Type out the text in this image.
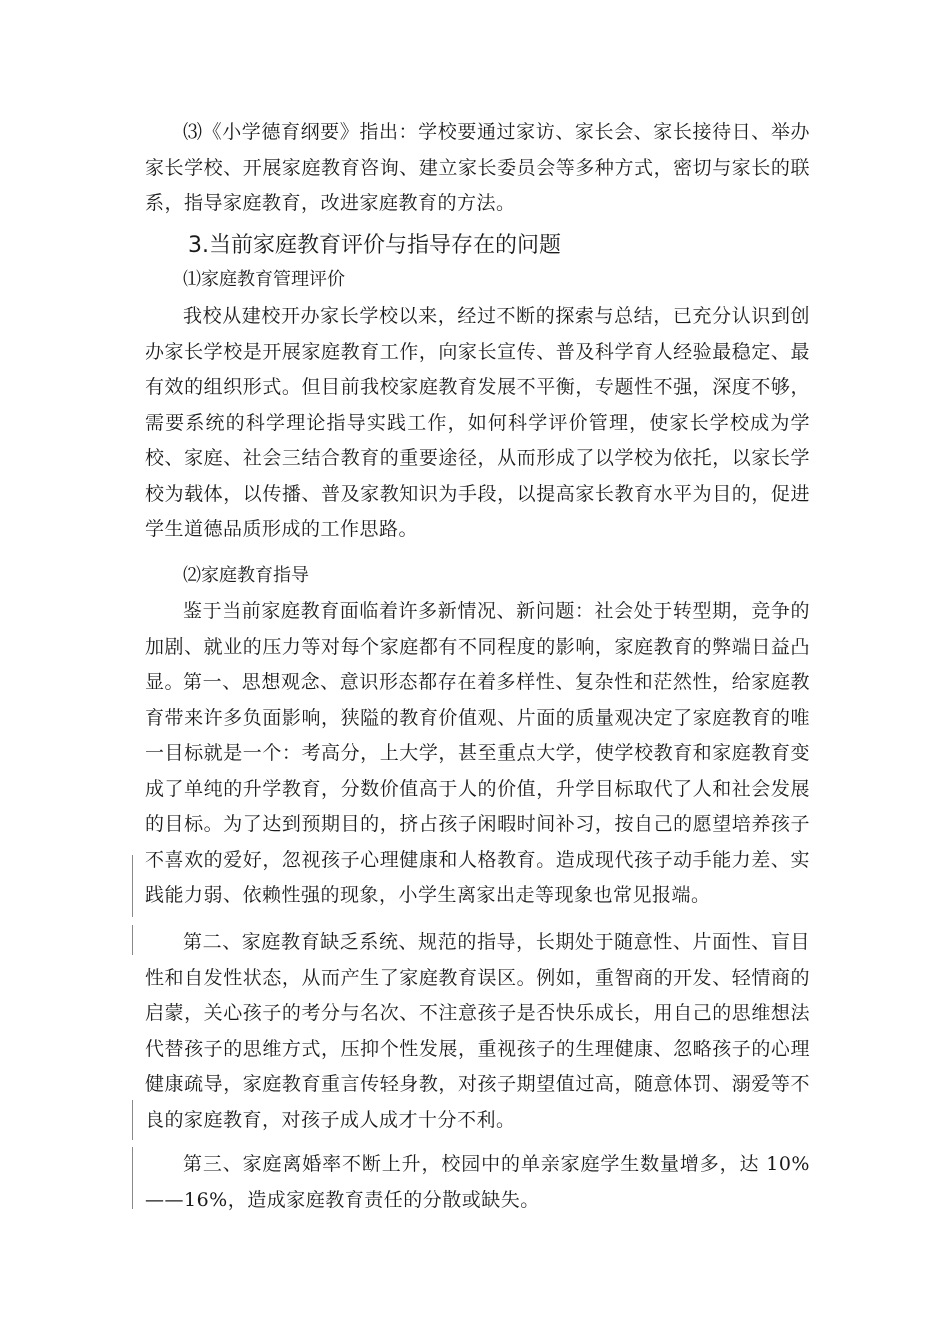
⑶《小学德育纲要》指出：学校要通过家访、家长会、家长接待日、举办家长学校、开展家庭教育咨询、建立家长委员会等多种方式，密切与家长的联系，指导家庭教育，改进家庭教育的方法。

3.当前家庭教育评价与指导存在的问题
⑴家庭教育管理评价

我校从建校开办家长学校以来，经过不断的探索与总结，已充分认识到创办家长学校是开展家庭教育工作，向家长宣传、普及科学育人经验最稳定、最有效的组织形式。但目前我校家庭教育发展不平衡，专题性不强，深度不够，需要系统的科学理论指导实践工作，如何科学评价管理，使家长学校成为学校、家庭、社会三结合教育的重要途径，从而形成了以学校为依托，以家长学校为载体，以传播、普及家教知识为手段，以提高家长教育水平为目的，促进学生道德品质形成的工作思路。

⑵家庭教育指导

鉴于当前家庭教育面临着许多新情况、新问题：社会处于转型期，竞争的加剧、就业的压力等对每个家庭都有不同程度的影响，家庭教育的弊端日益凸显。

第一、思想观念、意识形态都存在着多样性、复杂性和茫然性，给家庭教育带来许多负面影响，狭隘的教育价值观、片面的质量观决定了家庭教育的唯一目标就是一个：考高分，上大学，甚至重点大学，使学校教育和家庭教育变成了单纯的升学教育，分数价值高于人的价值，升学目标取代了人和社会发展的目标。为了达到预期目的，挤占孩子闲暇时间补习，按自己的愿望培养孩子不喜欢的爱好，忽视孩子心理健康和人格教育。造成现代孩子动手能力差、实践能力弱、依赖性强的现象，小学生离家出走等现象也常见报端。

第二、家庭教育缺乏系统、规范的指导，长期处于随意性、片面性、盲目性和自发性状态，从而产生了家庭教育误区。例如，重智商的开发、轻情商的启蒙，关心孩子的考分与名次、不注意孩子是否快乐成长，用自己的思维想法代替孩子的思维方式，压抑个性发展，重视孩子的生理健康、忽略孩子的心理健康疏导，家庭教育重言传轻身教，对孩子期望值过高，随意体罚、溺爱等不良的家庭教育，对孩子成人成才十分不利。

第三、家庭离婚率不断上升，校园中的单亲家庭学生数量增多，达 10%——16%，造成家庭教育责任的分散或缺失。
